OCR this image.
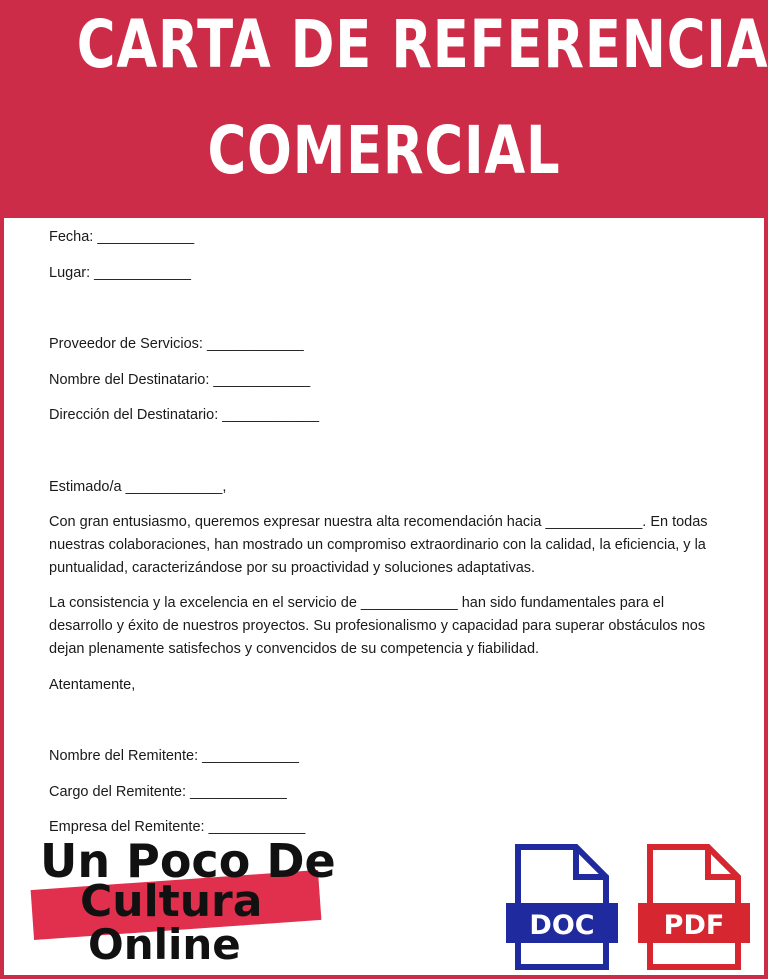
CARTA DE REFERENCIA
COMERCIAL
Fecha: ____________
Lugar: ____________
Proveedor de Servicios: ____________
Nombre del Destinatario: ____________
Dirección del Destinatario: ____________
Estimado/a ____________,
Con gran entusiasmo, queremos expresar nuestra alta recomendación hacia ____________. En todas nuestras colaboraciones, han mostrado un compromiso extraordinario con la calidad, la eficiencia, y la puntualidad, caracterizándose por su proactividad y soluciones adaptativas.
La consistencia y la excelencia en el servicio de ____________ han sido fundamentales para el desarrollo y éxito de nuestros proyectos. Su profesionalismo y capacidad para superar obstáculos nos dejan plenamente satisfechos y convencidos de su competencia y fiabilidad.
Atentamente,
Nombre del Remitente: ____________
Cargo del Remitente: ____________
Empresa del Remitente: ____________
Un Poco De
Cultura
Online	DOC	PDF
